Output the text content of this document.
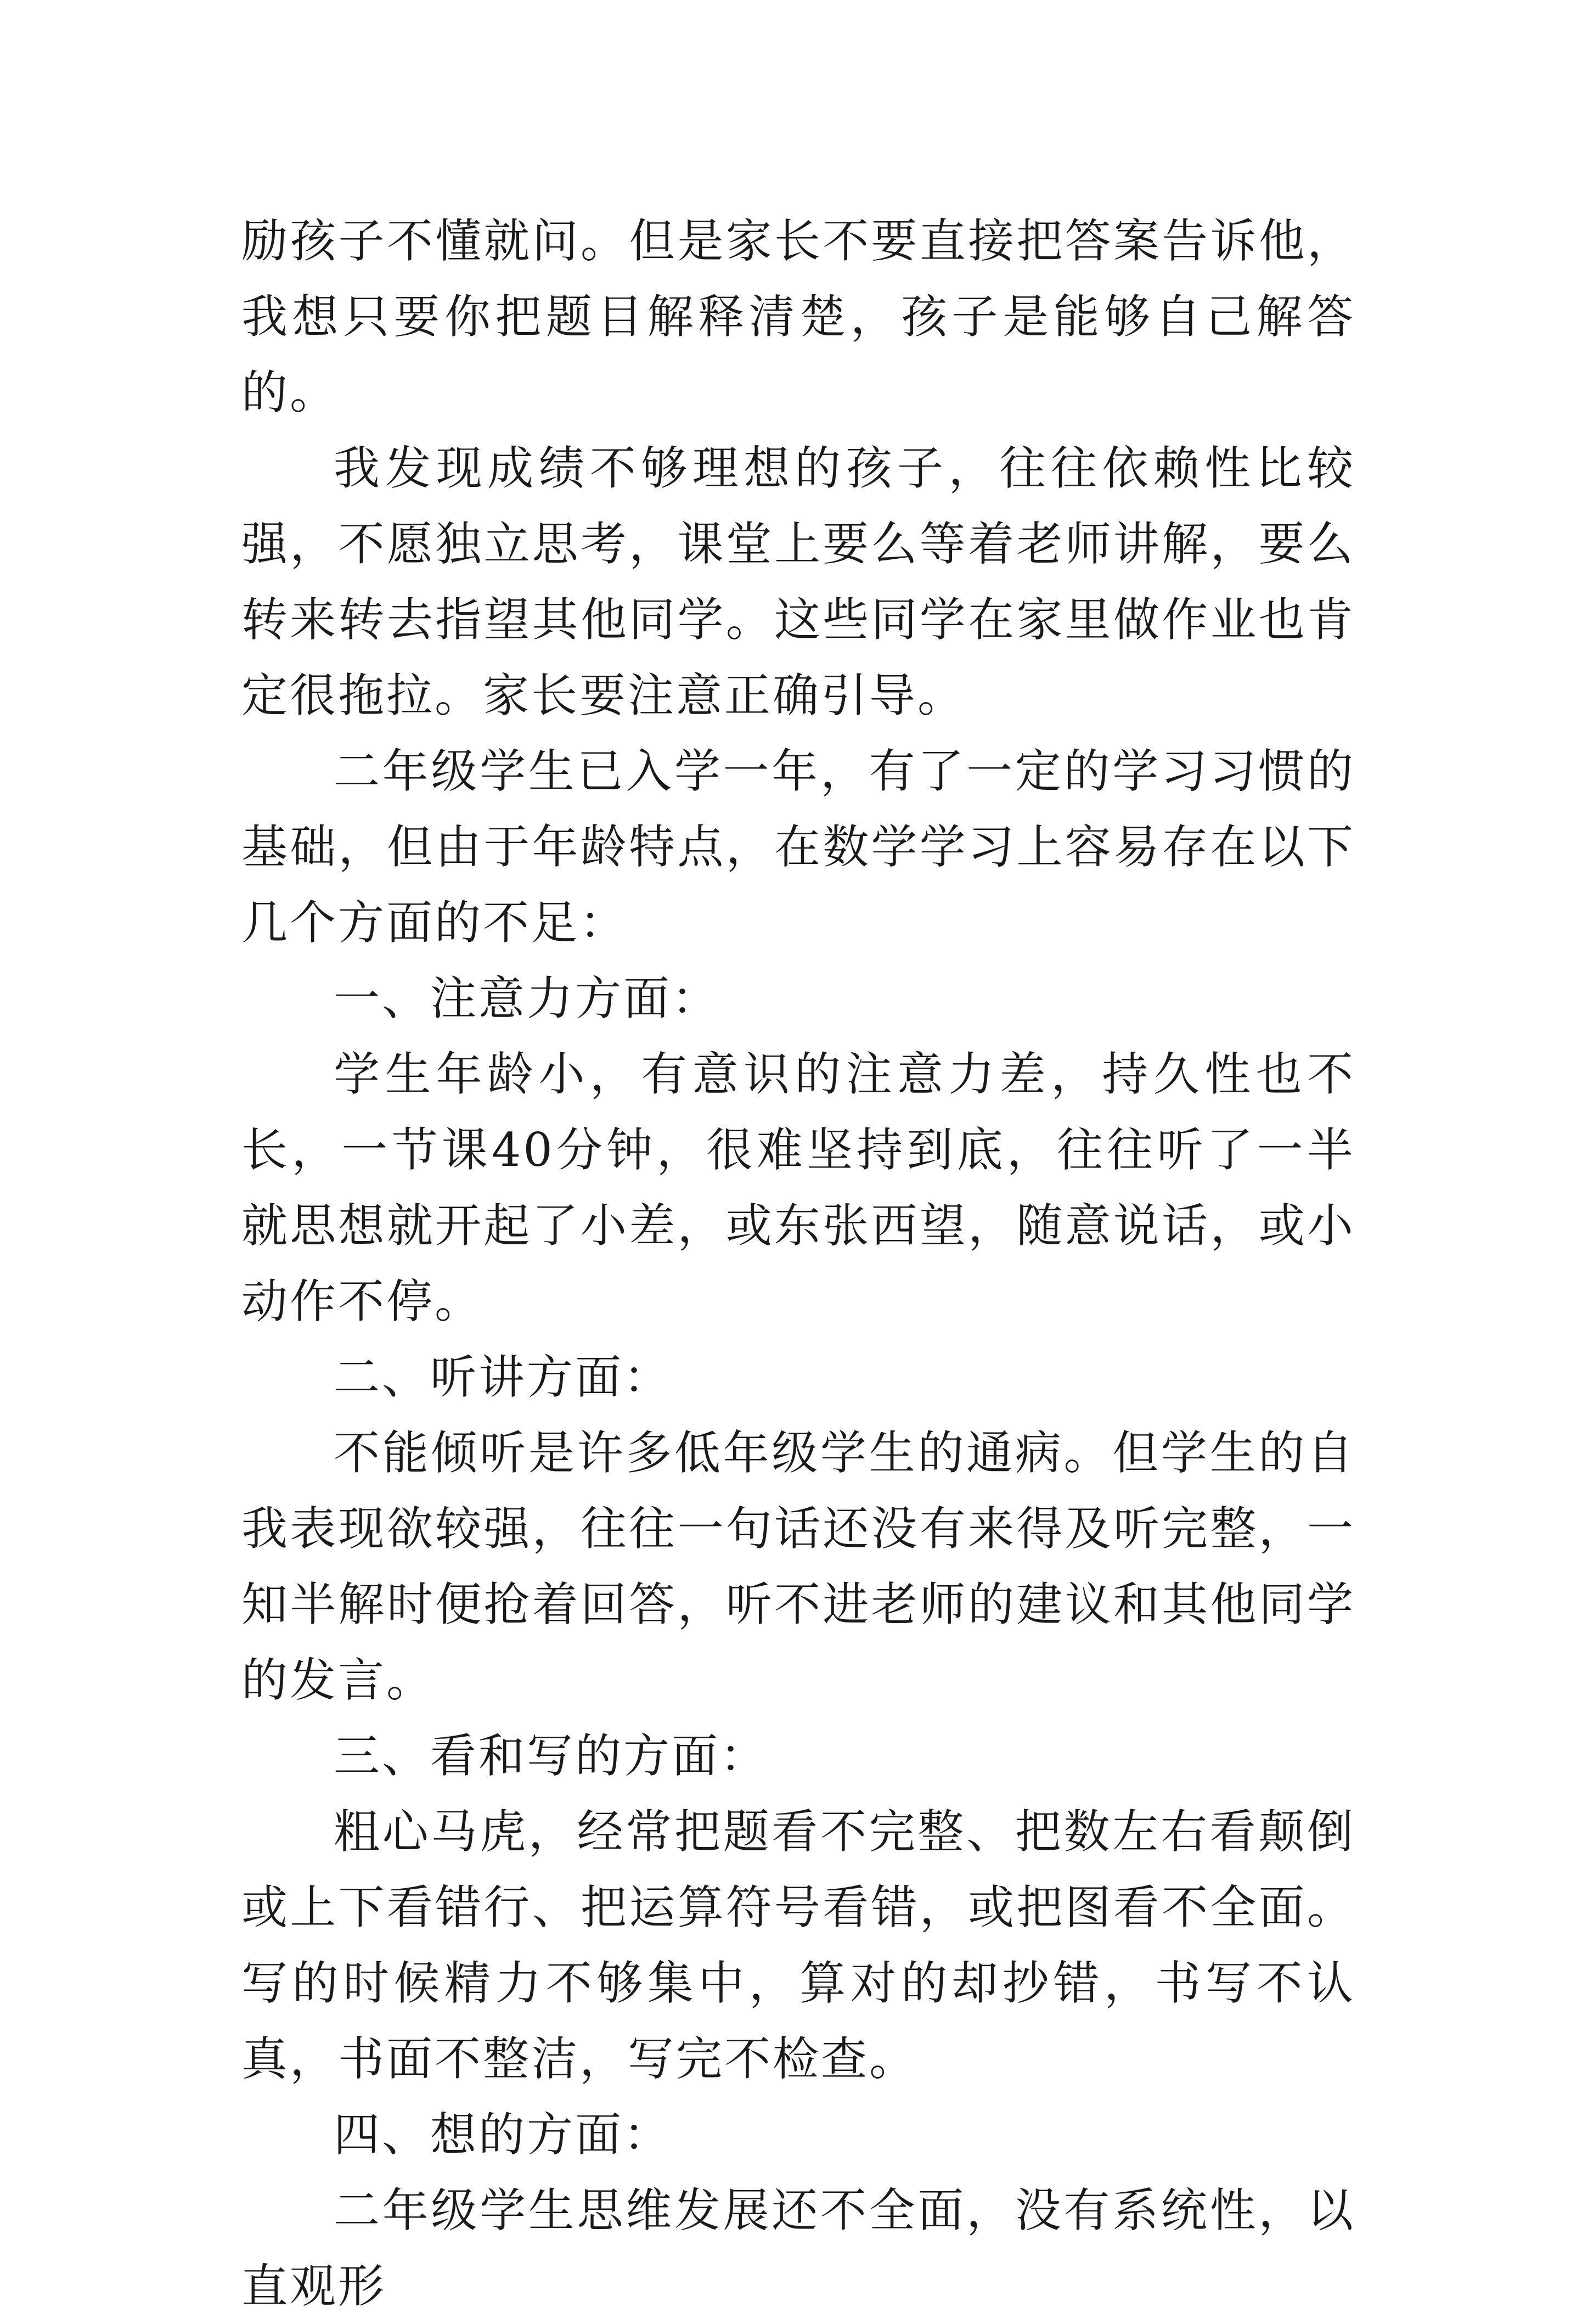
励孩子不懂就问。但是家长不要直接把答案告诉他，我想只要你把题目解释清楚，孩子是能够自己解答的。

我发现成绩不够理想的孩子，往往依赖性比较强，不愿独立思考，课堂上要么等着老师讲解，要么转来转去指望其他同学。这些同学在家里做作业也肯定很拖拉。家长要注意正确引导。

二年级学生已入学一年，有了一定的学习习惯的基础，但由于年龄特点，在数学学习上容易存在以下几个方面的不足：

一、注意力方面：

学生年龄小，有意识的注意力差，持久性也不长，一节课40分钟，很难坚持到底，往往听了一半就思想就开起了小差，或东张西望，随意说话，或小动作不停。

二、听讲方面：

不能倾听是许多低年级学生的通病。但学生的自我表现欲较强，往往一句话还没有来得及听完整，一知半解时便抢着回答，听不进老师的建议和其他同学的发言。

三、看和写的方面：

粗心马虎，经常把题看不完整、把数左右看颠倒或上下看错行、把运算符号看错，或把图看不全面。写的时候精力不够集中，算对的却抄错，书写不认真，书面不整洁，写完不检查。

四、想的方面：

二年级学生思维发展还不全面，没有系统性，以直观形
